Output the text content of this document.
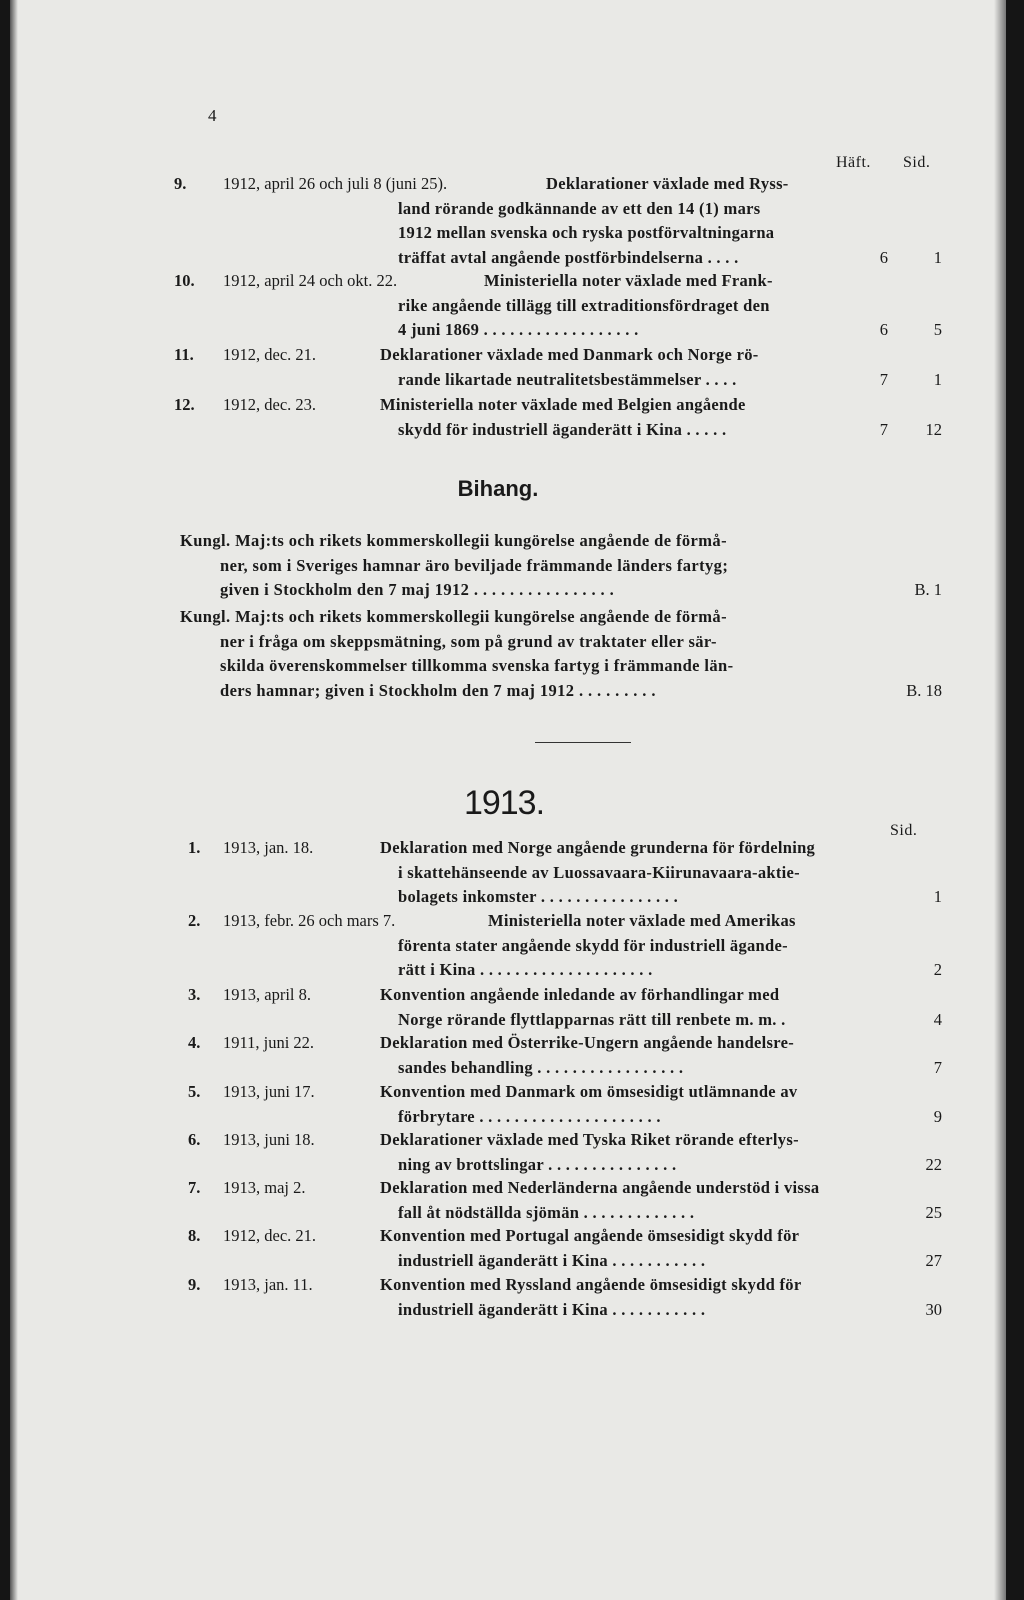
4
Häft. Sid.
9. 1912, april 26 och juli 8 (juni 25).	Deklarationer växlade med Ryss-
land rörande godkännande av ett den 14 (1) mars
1912 mellan svenska och ryska postförvaltningarna
träffat avtal angående postförbindelserna . . . .	6	1
10. 1912, april 24 och okt. 22.	Ministeriella noter växlade med Frank-
rike angående tillägg till extraditionsfördraget den
4 juni 1869 . . . . . . . . . . . . . . . . . .	6	5
11. 1912, dec. 21.	Deklarationer växlade med Danmark och Norge rö-
rande likartade neutralitetsbestämmelser . . . .	7	1
12. 1912, dec. 23.	Ministeriella noter växlade med Belgien angående
skydd för industriell äganderätt i Kina . . . . .	7	12
Bihang.
Kungl. Maj:ts och rikets kommerskollegii kungörelse angående de förmå-
ner, som i Sveriges hamnar äro beviljade främmande länders fartyg;
given i Stockholm den 7 maj 1912 . . . . . . . . . . . . . . . .	B. 1
Kungl. Maj:ts och rikets kommerskollegii kungörelse angående de förmå-
ner i fråga om skeppsmätning, som på grund av traktater eller sär-
skilda överenskommelser tillkomma svenska fartyg i främmande län-
ders hamnar; given i Stockholm den 7 maj 1912 . . . . . . . . .	B. 18
1913.
Sid.
1. 1913, jan. 18.	Deklaration med Norge angående grunderna för fördelning
i skattehänseende av Luossavaara-Kiirunavaara-aktie-
bolagets inkomster . . . . . . . . . . . . . . . .	1
2. 1913, febr. 26 och mars 7.	Ministeriella noter växlade med Amerikas
förenta stater angående skydd för industriell ägande-
rätt i Kina . . . . . . . . . . . . . . . . . . . .	2
3. 1913, april 8.	Konvention angående inledande av förhandlingar med
Norge rörande flyttlapparnas rätt till renbete m. m. .	4
4. 1911, juni 22.	Deklaration med Österrike-Ungern angående handelsre-
sandes behandling . . . . . . . . . . . . . . . . .	7
5. 1913, juni 17.	Konvention med Danmark om ömsesidigt utlämnande av
förbrytare . . . . . . . . . . . . . . . . . . . . .	9
6. 1913, juni 18.	Deklarationer växlade med Tyska Riket rörande efterlys-
ning av brottslingar . . . . . . . . . . . . . . .	22
7. 1913, maj 2.	Deklaration med Nederländerna angående understöd i vissa
fall åt nödställda sjömän . . . . . . . . . . . . .	25
8. 1912, dec. 21.	Konvention med Portugal angående ömsesidigt skydd för
industriell äganderätt i Kina . . . . . . . . . . .	27
9. 1913, jan. 11.	Konvention med Ryssland angående ömsesidigt skydd för
industriell äganderätt i Kina . . . . . . . . . . .	30
